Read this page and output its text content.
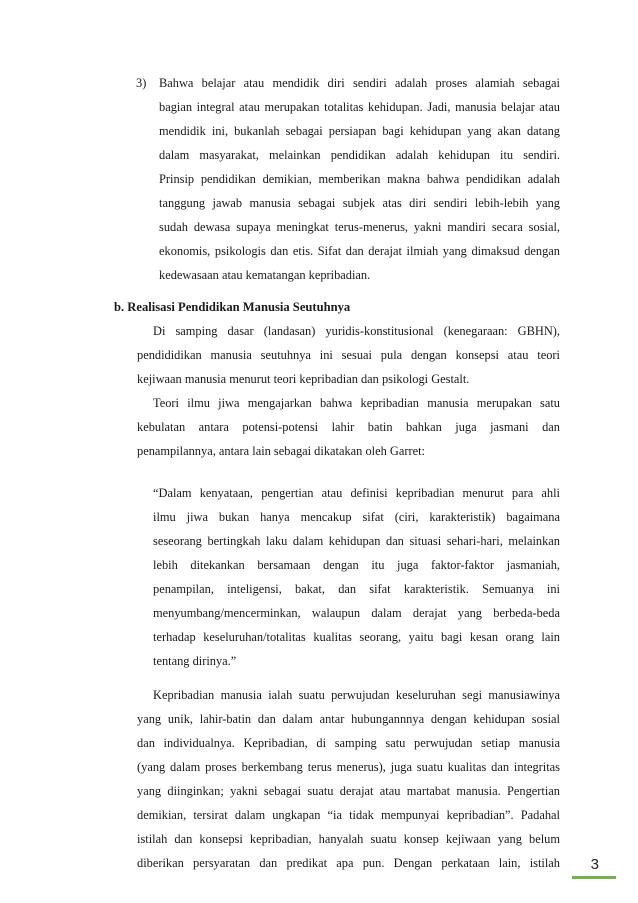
3) Bahwa belajar atau mendidik diri sendiri adalah proses alamiah sebagai
bagian integral atau merupakan totalitas kehidupan. Jadi, manusia belajar atau
mendidik ini, bukanlah sebagai persiapan bagi kehidupan yang akan datang
dalam masyarakat, melainkan pendidikan adalah kehidupan itu sendiri.
Prinsip pendidikan demikian, memberikan makna bahwa pendidikan adalah
tanggung jawab manusia sebagai subjek atas diri sendiri lebih-lebih yang
sudah dewasa supaya meningkat terus-menerus, yakni mandiri secara sosial,
ekonomis, psikologis dan etis. Sifat dan derajat ilmiah yang dimaksud dengan
kedewasaan atau kematangan kepribadian.
b. Realisasi Pendidikan Manusia Seutuhnya
Di samping dasar (landasan) yuridis-konstitusional (kenegaraan: GBHN),
pendididikan manusia seutuhnya ini sesuai pula dengan konsepsi atau teori
kejiwaan manusia menurut teori kepribadian dan psikologi Gestalt.
Teori ilmu jiwa mengajarkan bahwa kepribadian manusia merupakan satu
kebulatan antara potensi-potensi lahir batin bahkan juga jasmani dan
penampilannya, antara lain sebagai dikatakan oleh Garret:
“Dalam kenyataan, pengertian atau definisi kepribadian menurut para ahli
ilmu jiwa bukan hanya mencakup sifat (ciri, karakteristik) bagaimana
seseorang bertingkah laku dalam kehidupan dan situasi sehari-hari, melainkan
lebih ditekankan bersamaan dengan itu juga faktor-faktor jasmaniah,
penampilan, inteligensi, bakat, dan sifat karakteristik. Semuanya ini
menyumbang/mencerminkan, walaupun dalam derajat yang berbeda-beda
terhadap keseluruhan/totalitas kualitas seorang, yaitu bagi kesan orang lain
tentang dirinya.”
Kepribadian manusia ialah suatu perwujudan keseluruhan segi manusiawinya
yang unik, lahir-batin dan dalam antar hubungannnya dengan kehidupan sosial
dan individualnya. Kepribadian, di samping satu perwujudan setiap manusia
(yang dalam proses berkembang terus menerus), juga suatu kualitas dan integritas
yang diinginkan; yakni sebagai suatu derajat atau martabat manusia. Pengertian
demikian, tersirat dalam ungkapan “ia tidak mempunyai kepribadian”. Padahal
istilah dan konsepsi kepribadian, hanyalah suatu konsep kejiwaan yang belum
diberikan persyaratan dan predikat apa pun. Dengan perkataan lain, istilah 3
